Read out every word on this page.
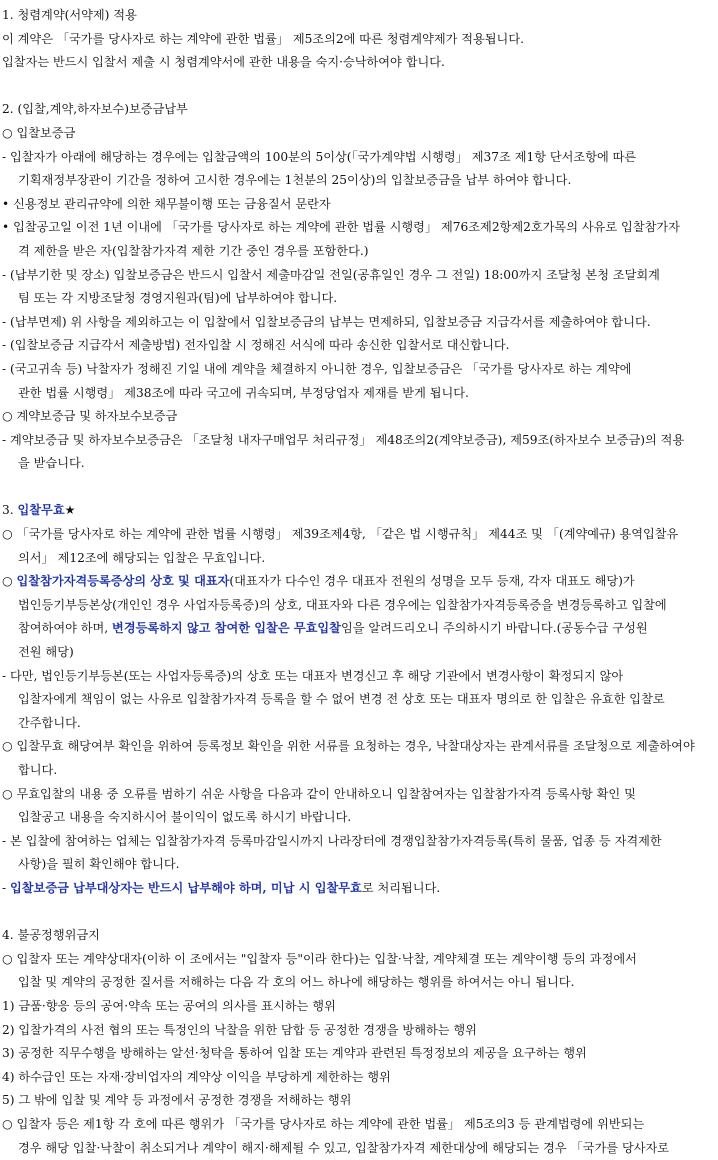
1. 청렴계약(서약제) 적용
이 계약은 「국가를 당사자로 하는 계약에 관한 법률」 제5조의2에 따른 청렴계약제가 적용됩니다.
입찰자는 반드시 입찰서 제출 시 청렴계약서에 관한 내용을 숙지·승낙하여야 합니다.
2. (입찰,계약,하자보수)보증금납부
○ 입찰보증금
- 입찰자가 아래에 해당하는 경우에는 입찰금액의 100분의 5이상(「국가계약법 시행령」 제37조 제1항 단서조항에 따른
기획재정부장관이 기간을 정하여 고시한 경우에는 1천분의 25이상)의 입찰보증금을 납부 하여야 합니다.
• 신용정보 관리규약에 의한 채무불이행 또는 금융질서 문란자
• 입찰공고일 이전 1년 이내에 「국가를 당사자로 하는 계약에 관한 법률 시행령」 제76조제2항제2호가목의 사유로 입찰참가자
격 제한을 받은 자(입찰참가자격 제한 기간 중인 경우를 포함한다.)
- (납부기한 및 장소) 입찰보증금은 반드시 입찰서 제출마감일 전일(공휴일인 경우 그 전일) 18:00까지 조달청 본청 조달회계
팀 또는 각 지방조달청 경영지원과(팀)에 납부하여야 합니다.
- (납부면제) 위 사항을 제외하고는 이 입찰에서 입찰보증금의 납부는 면제하되, 입찰보증금 지급각서를 제출하여야 합니다.
- (입찰보증금 지급각서 제출방법) 전자입찰 시 정해진 서식에 따라 송신한 입찰서로 대신합니다.
- (국고귀속 등) 낙찰자가 정해진 기일 내에 계약을 체결하지 아니한 경우, 입찰보증금은 「국가를 당사자로 하는 계약에
관한 법률 시행령」 제38조에 따라 국고에 귀속되며, 부정당업자 제재를 받게 됩니다.
○ 계약보증금 및 하자보수보증금
- 계약보증금 및 하자보수보증금은 「조달청 내자구매업무 처리규정」 제48조의2(계약보증금), 제59조(하자보수 보증금)의 적용
을 받습니다.
3. 입찰무효★
○ 「국가를 당사자로 하는 계약에 관한 법률 시행령」 제39조제4항, 「같은 법 시행규칙」 제44조 및 「(계약예규) 용역입찰유
의서」 제12조에 해당되는 입찰은 무효입니다.
○ 입찰참가자격등록증상의 상호 및 대표자(대표자가 다수인 경우 대표자 전원의 성명을 모두 등재, 각자 대표도 해당)가
법인등기부등본상(개인인 경우 사업자등록증)의 상호, 대표자와 다른 경우에는 입찰참가자격등록증을 변경등록하고 입찰에
참여하여야 하며, 변경등록하지 않고 참여한 입찰은 무효입찰임을 알려드리오니 주의하시기 바랍니다.(공동수급 구성원
전원 해당)
- 다만, 법인등기부등본(또는 사업자등록증)의 상호 또는 대표자 변경신고 후 해당 기관에서 변경사항이 확정되지 않아
입찰자에게 책임이 없는 사유로 입찰참가자격 등록을 할 수 없어 변경 전 상호 또는 대표자 명의로 한 입찰은 유효한 입찰로
간주합니다.
○ 입찰무효 해당여부 확인을 위하여 등록정보 확인을 위한 서류를 요청하는 경우, 낙찰대상자는 관계서류를 조달청으로 제출하여야
합니다.
○ 무효입찰의 내용 중 오류를 범하기 쉬운 사항을 다음과 같이 안내하오니 입찰참여자는 입찰참가자격 등록사항 확인 및
입찰공고 내용을 숙지하시어 불이익이 없도록 하시기 바랍니다.
- 본 입찰에 참여하는 업체는 입찰참가자격 등록마감일시까지 나라장터에 경쟁입찰참가자격등록(특히 물품, 업종 등 자격제한
사항)을 필히 확인해야 합니다.
- 입찰보증금 납부대상자는 반드시 납부해야 하며, 미납 시 입찰무효로 처리됩니다.
4. 불공정행위금지
○ 입찰자 또는 계약상대자(이하 이 조에서는 "입찰자 등"이라 한다)는 입찰·낙찰, 계약체결 또는 계약이행 등의 과정에서
입찰 및 계약의 공정한 질서를 저해하는 다음 각 호의 어느 하나에 해당하는 행위를 하여서는 아니 됩니다.
1) 금품·향응 등의 공여·약속 또는 공여의 의사를 표시하는 행위
2) 입찰가격의 사전 협의 또는 특정인의 낙찰을 위한 담합 등 공정한 경쟁을 방해하는 행위
3) 공정한 직무수행을 방해하는 알선·청탁을 통하여 입찰 또는 계약과 관련된 특정정보의 제공을 요구하는 행위
4) 하수급인 또는 자재·장비업자의 계약상 이익을 부당하게 제한하는 행위
5) 그 밖에 입찰 및 계약 등 과정에서 공정한 경쟁을 저해하는 행위
○ 입찰자 등은 제1항 각 호에 따른 행위가 「국가를 당사자로 하는 계약에 관한 법률」 제5조의3 등 관계법령에 위반되는
경우 해당 입찰·낙찰이 취소되거나 계약이 해지·해제될 수 있고, 입찰참가자격 제한대상에 해당되는 경우 「국가를 당사자로
